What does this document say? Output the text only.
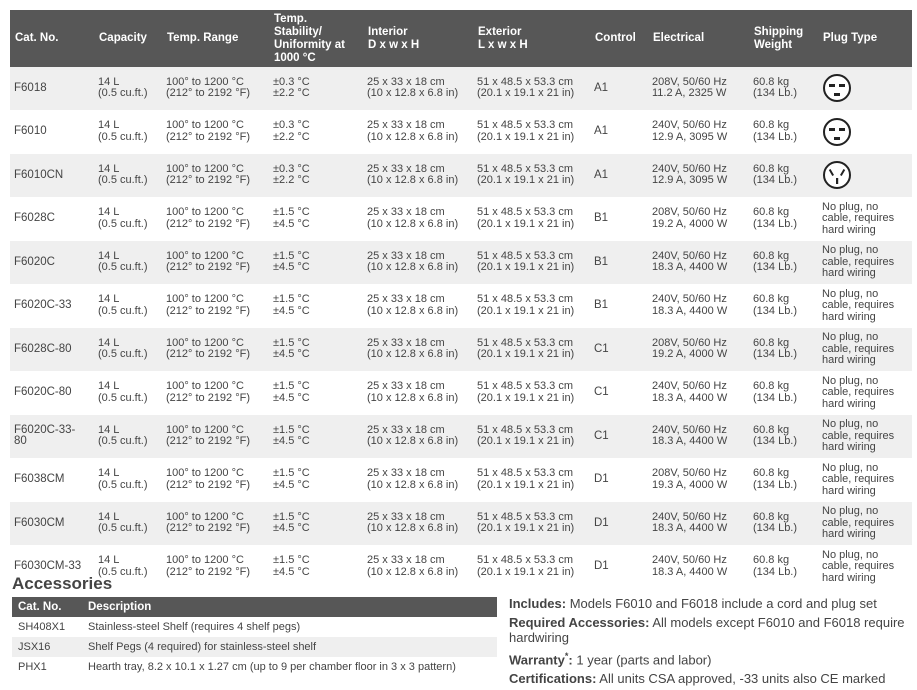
Cat. No.	Capacity	Temp. Range	Temp.
Stability/
Uniformity at
1000 °C	Interior
D x w x H	Exterior
L x w x H	Control	Electrical	Shipping
Weight	Plug Type

F6018	14 L
(0.5 cu.ft.)	100° to 1200 °C
(212° to 2192 °F)	±0.3 °C
±2.2 °C	25 x 33 x 18 cm
(10 x 12.8 x 6.8 in)	51 x 48.5 x 53.3 cm
(20.1 x 19.1 x 21 in)	A1	208V, 50/60 Hz
11.2 A, 2325 W	60.8 kg
(134 Lb.)

F6010	14 L
(0.5 cu.ft.)	100° to 1200 °C
(212° to 2192 °F)	±0.3 °C
±2.2 °C	25 x 33 x 18 cm
(10 x 12.8 x 6.8 in)	51 x 48.5 x 53.3 cm
(20.1 x 19.1 x 21 in)	A1	240V, 50/60 Hz
12.9 A, 3095 W	60.8 kg
(134 Lb.)

F6010CN	14 L
(0.5 cu.ft.)	100° to 1200 °C
(212° to 2192 °F)	±0.3 °C
±2.2 °C	25 x 33 x 18 cm
(10 x 12.8 x 6.8 in)	51 x 48.5 x 53.3 cm
(20.1 x 19.1 x 21 in)	A1	240V, 50/60 Hz
12.9 A, 3095 W	60.8 kg
(134 Lb.)

F6028C	14 L
(0.5 cu.ft.)	100° to 1200 °C
(212° to 2192 °F)	±1.5 °C
±4.5 °C	25 x 33 x 18 cm
(10 x 12.8 x 6.8 in)	51 x 48.5 x 53.3 cm
(20.1 x 19.1 x 21 in)	B1	208V, 50/60 Hz
19.2 A, 4000 W	60.8 kg
(134 Lb.)	No plug, no cable, requires hard wiring

F6020C	14 L
(0.5 cu.ft.)	100° to 1200 °C
(212° to 2192 °F)	±1.5 °C
±4.5 °C	25 x 33 x 18 cm
(10 x 12.8 x 6.8 in)	51 x 48.5 x 53.3 cm
(20.1 x 19.1 x 21 in)	B1	240V, 50/60 Hz
18.3 A, 4400 W	60.8 kg
(134 Lb.)	No plug, no cable, requires hard wiring

F6020C-33	14 L
(0.5 cu.ft.)	100° to 1200 °C
(212° to 2192 °F)	±1.5 °C
±4.5 °C	25 x 33 x 18 cm
(10 x 12.8 x 6.8 in)	51 x 48.5 x 53.3 cm
(20.1 x 19.1 x 21 in)	B1	240V, 50/60 Hz
18.3 A, 4400 W	60.8 kg
(134 Lb.)	No plug, no cable, requires hard wiring

F6028C-80	14 L
(0.5 cu.ft.)	100° to 1200 °C
(212° to 2192 °F)	±1.5 °C
±4.5 °C	25 x 33 x 18 cm
(10 x 12.8 x 6.8 in)	51 x 48.5 x 53.3 cm
(20.1 x 19.1 x 21 in)	C1	208V, 50/60 Hz
19.2 A, 4000 W	60.8 kg
(134 Lb.)	No plug, no cable, requires hard wiring

F6020C-80	14 L
(0.5 cu.ft.)	100° to 1200 °C
(212° to 2192 °F)	±1.5 °C
±4.5 °C	25 x 33 x 18 cm
(10 x 12.8 x 6.8 in)	51 x 48.5 x 53.3 cm
(20.1 x 19.1 x 21 in)	C1	240V, 50/60 Hz
18.3 A, 4400 W	60.8 kg
(134 Lb.)	No plug, no cable, requires hard wiring

F6020C-33-
80	14 L
(0.5 cu.ft.)	100° to 1200 °C
(212° to 2192 °F)	±1.5 °C
±4.5 °C	25 x 33 x 18 cm
(10 x 12.8 x 6.8 in)	51 x 48.5 x 53.3 cm
(20.1 x 19.1 x 21 in)	C1	240V, 50/60 Hz
18.3 A, 4400 W	60.8 kg
(134 Lb.)	No plug, no cable, requires hard wiring

F6038CM	14 L
(0.5 cu.ft.)	100° to 1200 °C
(212° to 2192 °F)	±1.5 °C
±4.5 °C	25 x 33 x 18 cm
(10 x 12.8 x 6.8 in)	51 x 48.5 x 53.3 cm
(20.1 x 19.1 x 21 in)	D1	208V, 50/60 Hz
19.3 A, 4000 W	60.8 kg
(134 Lb.)	No plug, no cable, requires hard wiring

F6030CM	14 L
(0.5 cu.ft.)	100° to 1200 °C
(212° to 2192 °F)	±1.5 °C
±4.5 °C	25 x 33 x 18 cm
(10 x 12.8 x 6.8 in)	51 x 48.5 x 53.3 cm
(20.1 x 19.1 x 21 in)	D1	240V, 50/60 Hz
18.3 A, 4400 W	60.8 kg
(134 Lb.)	No plug, no cable, requires hard wiring

F6030CM-33	14 L
(0.5 cu.ft.)	100° to 1200 °C
(212° to 2192 °F)	±1.5 °C
±4.5 °C	25 x 33 x 18 cm
(10 x 12.8 x 6.8 in)	51 x 48.5 x 53.3 cm
(20.1 x 19.1 x 21 in)	D1	240V, 50/60 Hz
18.3 A, 4400 W	60.8 kg
(134 Lb.)	No plug, no cable, requires hard wiring
Accessories
Cat. No.	Description
SH408X1	Stainless-steel Shelf (requires 4 shelf pegs)
JSX16	Shelf Pegs (4 required) for stainless-steel shelf
PHX1	Hearth tray, 8.2 x 10.1 x 1.27 cm (up to 9 per chamber floor in 3 x 3 pattern)

Includes: Models F6010 and F6018 include a cord and plug set

Required Accessories: All models except F6010 and F6018 require hardwiring

Warranty*: 1 year (parts and labor)

Certifications: All units CSA approved, -33 units also CE marked
